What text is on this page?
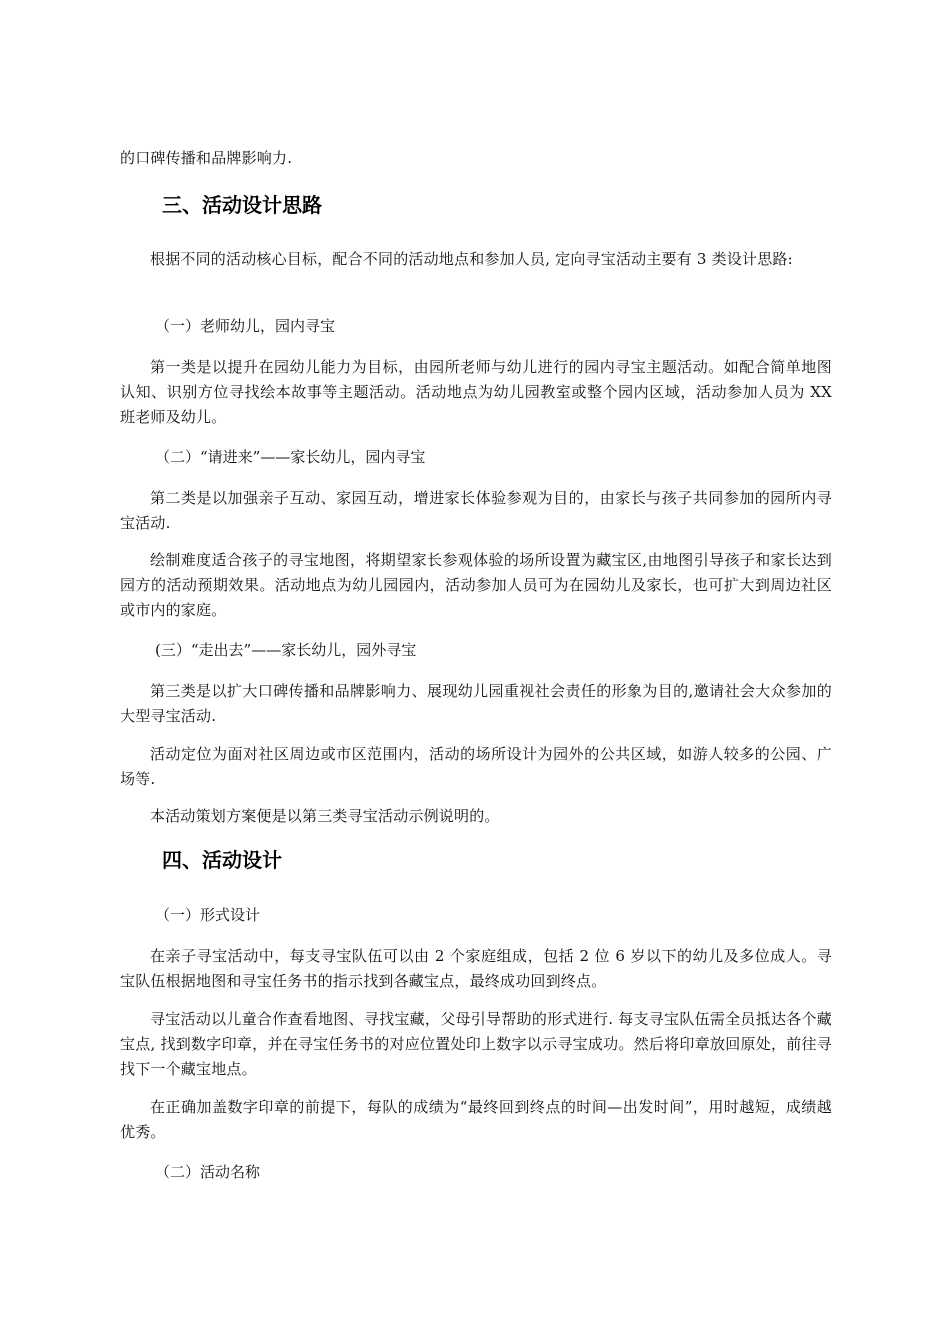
的口碑传播和品牌影响力.

三、活动设计思路

根据不同的活动核心目标，配合不同的活动地点和参加人员, 定向寻宝活动主要有 3 类设计思路:

（一）老师幼儿，园内寻宝

第一类是以提升在园幼儿能力为目标，由园所老师与幼儿进行的园内寻宝主题活动。如配合简单地图认知、识别方位寻找绘本故事等主题活动。活动地点为幼儿园教室或整个园内区域，活动参加人员为 XX 班老师及幼儿。

（二）“请进来”——家长幼儿，园内寻宝

第二类是以加强亲子互动、家园互动，增进家长体验参观为目的，由家长与孩子共同参加的园所内寻宝活动.

绘制难度适合孩子的寻宝地图，将期望家长参观体验的场所设置为藏宝区,由地图引导孩子和家长达到园方的活动预期效果。活动地点为幼儿园园内，活动参加人员可为在园幼儿及家长，也可扩大到周边社区或市内的家庭。

(三）“走出去”——家长幼儿，园外寻宝

第三类是以扩大口碑传播和品牌影响力、展现幼儿园重视社会责任的形象为目的,邀请社会大众参加的大型寻宝活动.

活动定位为面对社区周边或市区范围内，活动的场所设计为园外的公共区域，如游人较多的公园、广场等.

本活动策划方案便是以第三类寻宝活动示例说明的。

四、活动设计

（一）形式设计

在亲子寻宝活动中，每支寻宝队伍可以由 2 个家庭组成，包括 2 位 6 岁以下的幼儿及多位成人。寻宝队伍根据地图和寻宝任务书的指示找到各藏宝点，最终成功回到终点。

寻宝活动以儿童合作查看地图、寻找宝藏，父母引导帮助的形式进行. 每支寻宝队伍需全员抵达各个藏宝点, 找到数字印章，并在寻宝任务书的对应位置处印上数字以示寻宝成功。然后将印章放回原处，前往寻找下一个藏宝地点。

在正确加盖数字印章的前提下，每队的成绩为“最终回到终点的时间—出发时间”，用时越短，成绩越优秀。

（二）活动名称
